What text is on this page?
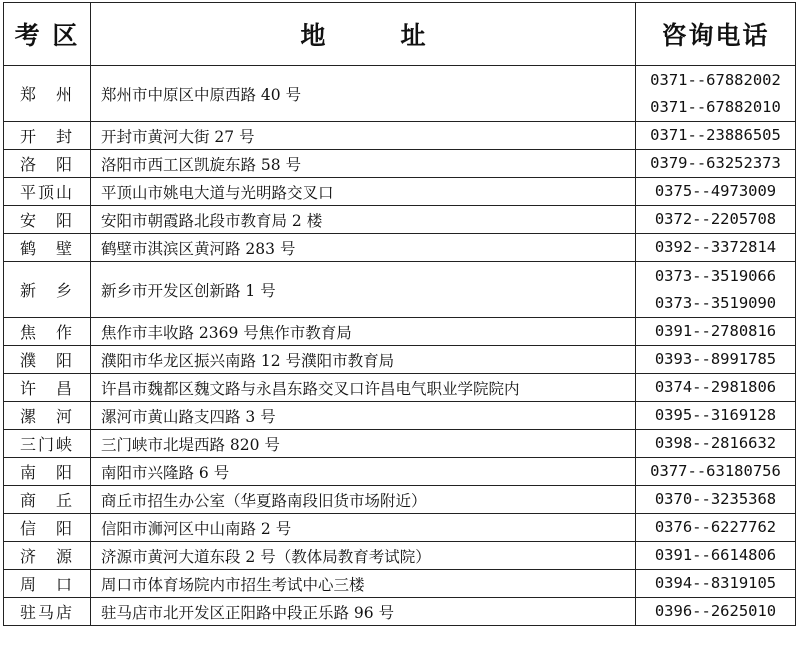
考 区	地　　　址	咨询电话
郑　州	郑州市中原区中原西路 40 号	0371--67882002
0371--67882010

开　封	开封市黄河大街 27 号	0371--23886505

洛　阳	洛阳市西工区凯旋东路 58 号	0379--63252373

平顶山	平顶山市姚电大道与光明路交叉口	0375--4973009

安　阳	安阳市朝霞路北段市教育局 2 楼	0372--2205708

鹤　壁	鹤壁市淇滨区黄河路 283 号	0392--3372814

新　乡	新乡市开发区创新路 1 号	0373--3519066
0373--3519090

焦　作	焦作市丰收路 2369 号焦作市教育局	0391--2780816

濮　阳	濮阳市华龙区振兴南路 12 号濮阳市教育局	0393--8991785

许　昌	许昌市魏都区魏文路与永昌东路交叉口许昌电气职业学院院内	0374--2981806

漯　河	漯河市黄山路支四路 3 号	0395--3169128

三门峡	三门峡市北堤西路 820 号	0398--2816632

南　阳	南阳市兴隆路 6 号	0377--63180756

商　丘	商丘市招生办公室（华夏路南段旧货市场附近）	0370--3235368

信　阳	信阳市浉河区中山南路 2 号	0376--6227762

济　源	济源市黄河大道东段 2 号（教体局教育考试院）	0391--6614806

周　口	周口市体育场院内市招生考试中心三楼	0394--8319105

驻马店	驻马店市北开发区正阳路中段正乐路 96 号	0396--2625010
